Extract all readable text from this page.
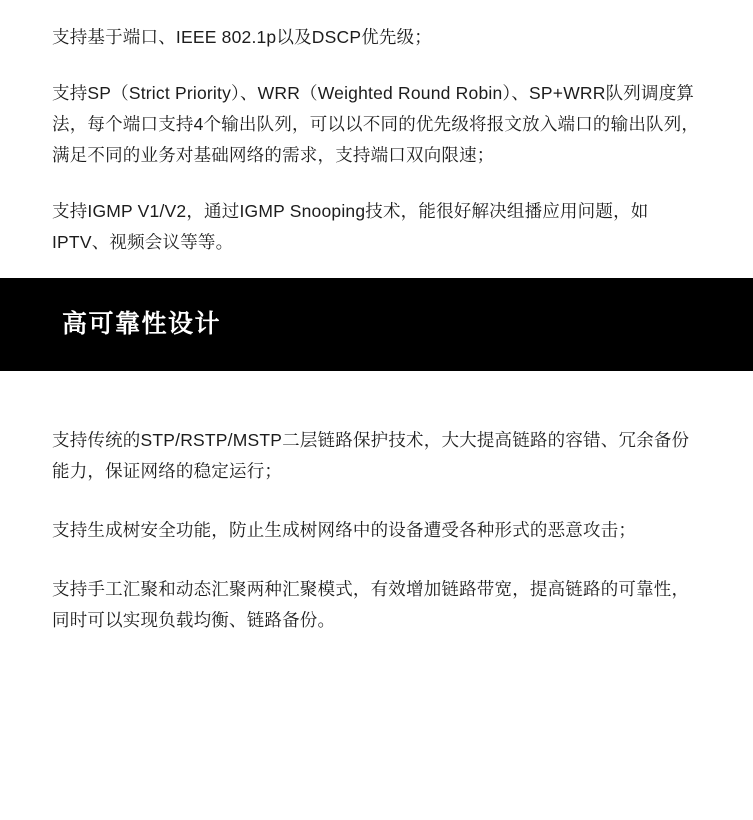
支持基于端口、IEEE 802.1p以及DSCP优先级；

支持SP（Strict Priority）、WRR（Weighted Round Robin）、SP+WRR队列调度算法，每个端口支持4个输出队列，可以以不同的优先级将报文放入端口的输出队列，满足不同的业务对基础网络的需求，支持端口双向限速；

支持IGMP V1/V2，通过IGMP Snooping技术，能很好解决组播应用问题，如IPTV、视频会议等等。

高可靠性设计

支持传统的STP/RSTP/MSTP二层链路保护技术，大大提高链路的容错、冗余备份能力，保证网络的稳定运行；

支持生成树安全功能，防止生成树网络中的设备遭受各种形式的恶意攻击；

支持手工汇聚和动态汇聚两种汇聚模式，有效增加链路带宽，提高链路的可靠性，同时可以实现负载均衡、链路备份。
